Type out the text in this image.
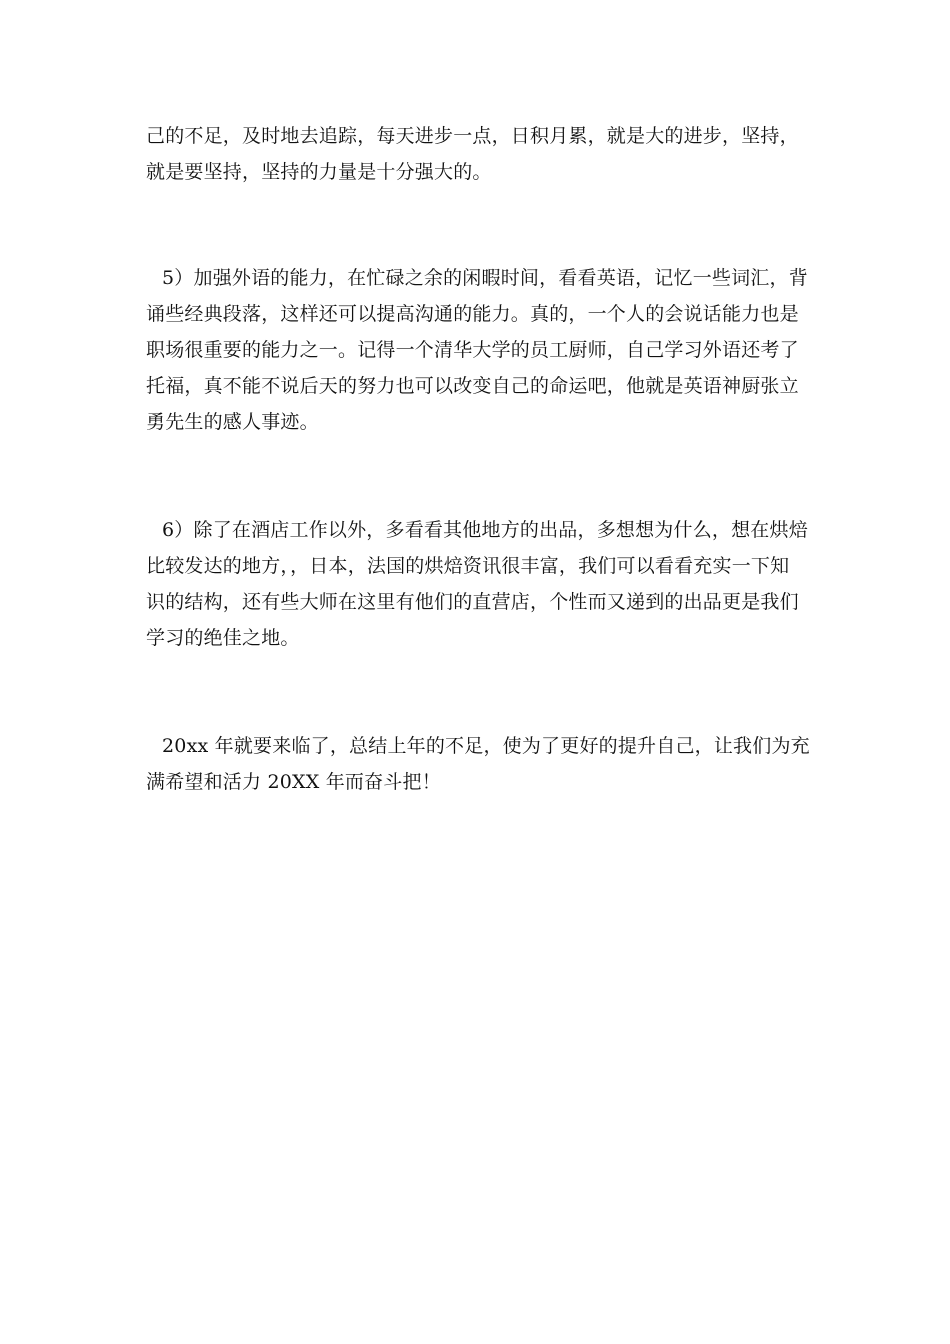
己的不足，及时地去追踪，每天进步一点，日积月累，就是大的进步，坚持，
就是要坚持，坚持的力量是十分强大的。

5）加强外语的能力，在忙碌之余的闲暇时间，看看英语，记忆一些词汇，背
诵些经典段落，这样还可以提高沟通的能力。真的，一个人的会说话能力也是
职场很重要的能力之一。记得一个清华大学的员工厨师，自己学习外语还考了
托福，真不能不说后天的努力也可以改变自己的命运吧，他就是英语神厨张立
勇先生的感人事迹。

6）除了在酒店工作以外，多看看其他地方的出品，多想想为什么，想在烘焙
比较发达的地方，，日本，法国的烘焙资讯很丰富，我们可以看看充实一下知
识的结构，还有些大师在这里有他们的直营店，个性而又递到的出品更是我们
学习的绝佳之地。

20xx 年就要来临了，总结上年的不足，使为了更好的提升自己，让我们为充
满希望和活力 20XX 年而奋斗把！
